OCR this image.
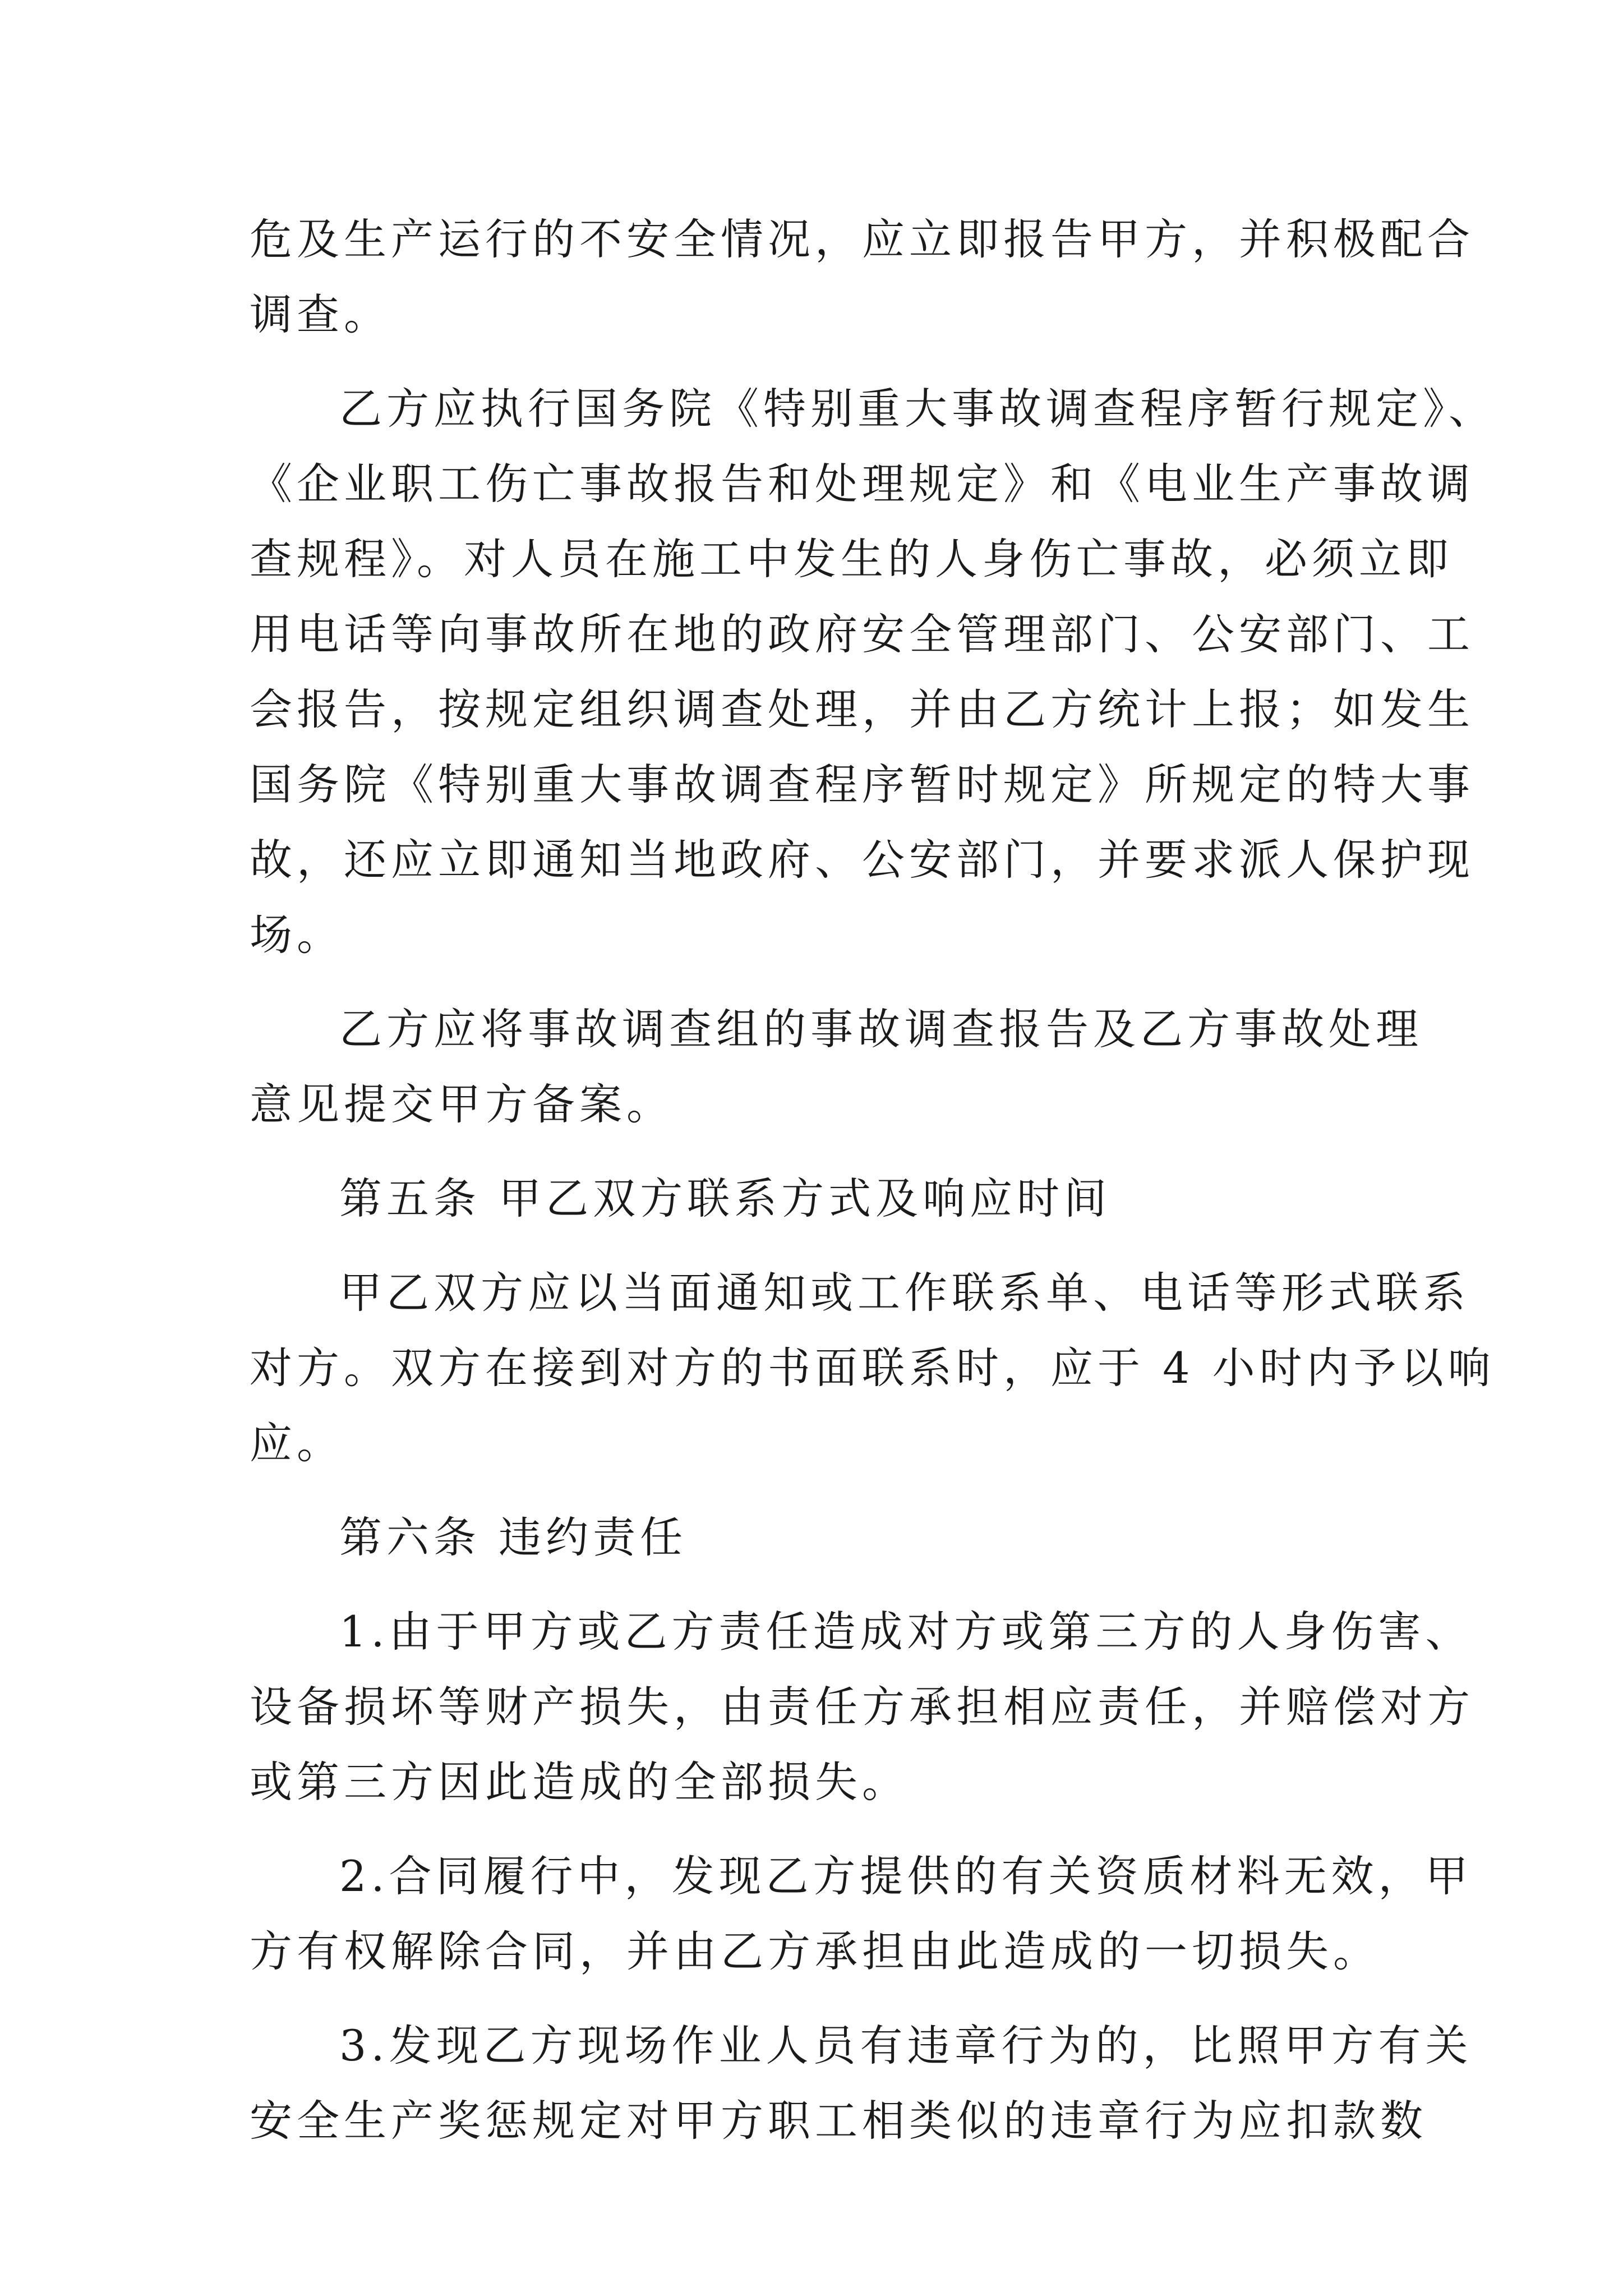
危及生产运行的不安全情况，应立即报告甲方，并积极配合
调查。
乙方应执行国务院《特别重大事故调查程序暂行规定》、
《企业职工伤亡事故报告和处理规定》和《电业生产事故调
查规程》。对人员在施工中发生的人身伤亡事故，必须立即
用电话等向事故所在地的政府安全管理部门、公安部门、工
会报告，按规定组织调查处理，并由乙方统计上报；如发生
国务院《特别重大事故调查程序暂时规定》所规定的特大事
故，还应立即通知当地政府、公安部门，并要求派人保护现
场。
乙方应将事故调查组的事故调查报告及乙方事故处理
意见提交甲方备案。
第五条 甲乙双方联系方式及响应时间
甲乙双方应以当面通知或工作联系单、电话等形式联系
对方。双方在接到对方的书面联系时，应于 4 小时内予以响
应。
第六条 违约责任
1.由于甲方或乙方责任造成对方或第三方的人身伤害、
设备损坏等财产损失，由责任方承担相应责任，并赔偿对方
或第三方因此造成的全部损失。
2.合同履行中，发现乙方提供的有关资质材料无效，甲
方有权解除合同，并由乙方承担由此造成的一切损失。
3.发现乙方现场作业人员有违章行为的，比照甲方有关
安全生产奖惩规定对甲方职工相类似的违章行为应扣款数
